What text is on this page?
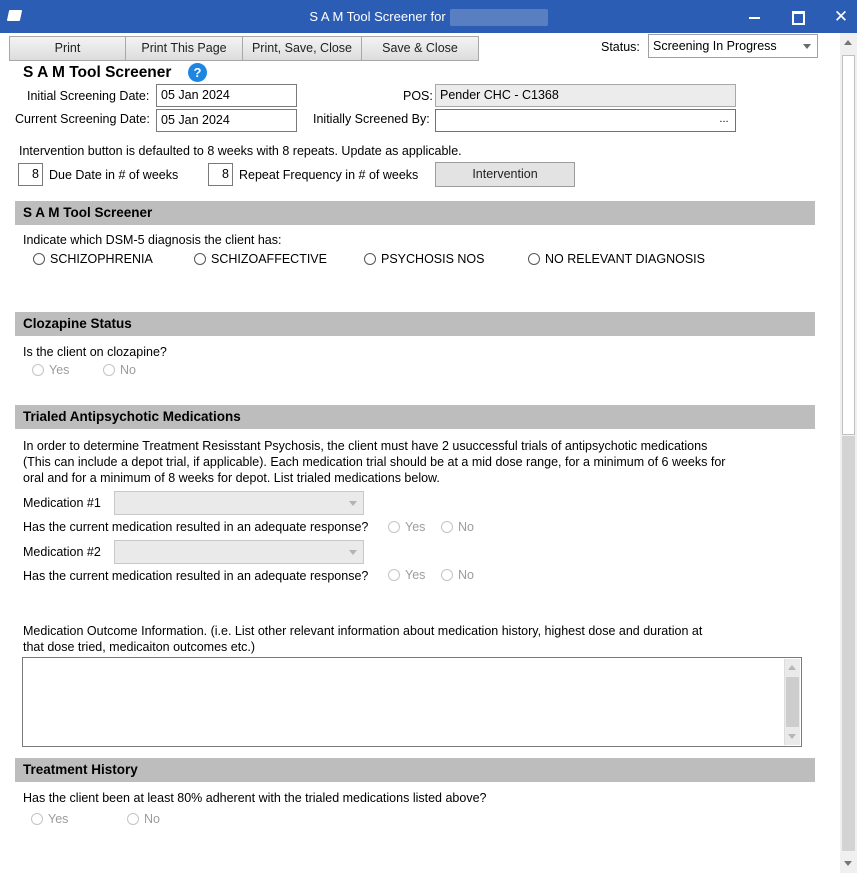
S A M Tool Screener for	✕
Print	Print This Page	Print, Save, Close	Save & Close	Status:	Screening In Progress
S A M Tool Screener	?
Initial Screening Date: 05 Jan 2024
Current Screening Date: 05 Jan 2024
POS: Pender CHC - C1368
Initially Screened By:	...
Intervention button is defaulted to 8 weeks with 8 repeats. Update as applicable.
8 Due Date in # of weeks	8 Repeat Frequency in # of weeks	Intervention
S A M Tool Screener
Indicate which DSM-5 diagnosis the client has:
SCHIZOPHRENIA	SCHIZOAFFECTIVE	PSYCHOSIS NOS	NO RELEVANT DIAGNOSIS
Clozapine Status
Is the client on clozapine?
Yes	No
Trialed Antipsychotic Medications
In order to determine Treatment Resisstant Psychosis, the client must have 2 usuccessful trials of antipsychotic medications
(This can include a depot trial, if applicable). Each medication trial should be at a mid dose range, for a minimum of 6 weeks for
oral and for a minimum of 8 weeks for depot. List trialed medications below.
Medication #1
Has the current medication resulted in an adequate response?	Yes	No
Medication #2
Has the current medication resulted in an adequate response?	Yes	No
Medication Outcome Information. (i.e. List other relevant information about medication history, highest dose and duration at
that dose tried, medicaiton outcomes etc.)
Treatment History
Has the client been at least 80% adherent with the trialed medications listed above?
Yes	No
